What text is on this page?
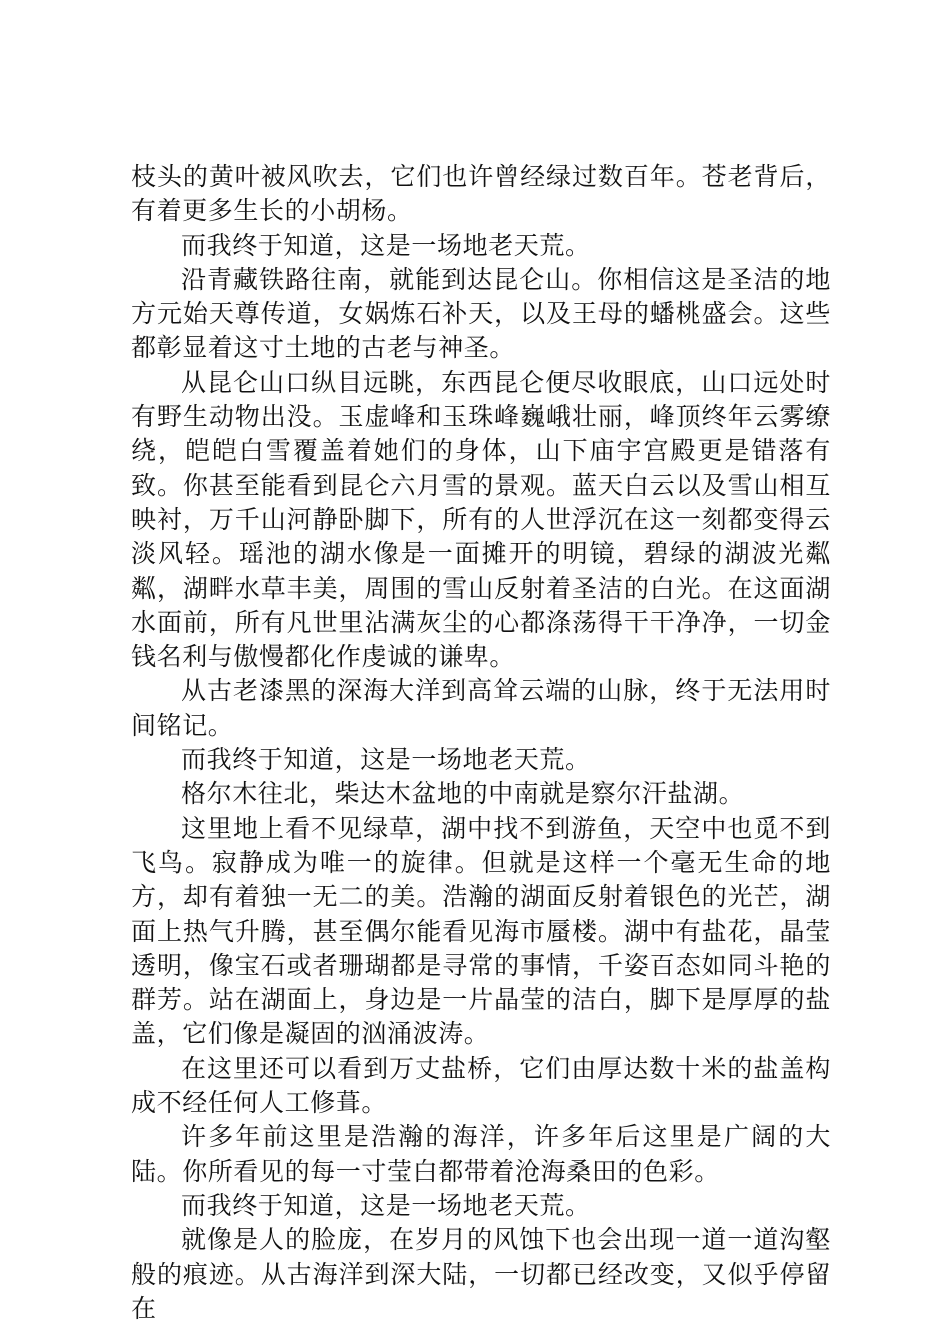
枝头的黄叶被风吹去，它们也许曾经绿过数百年。苍老背后，有着更多生长的小胡杨。

而我终于知道，这是一场地老天荒。

沿青藏铁路往南，就能到达昆仑山。你相信这是圣洁的地方元始天尊传道，女娲炼石补天，以及王母的蟠桃盛会。这些都彰显着这寸土地的古老与神圣。

从昆仑山口纵目远眺，东西昆仑便尽收眼底，山口远处时有野生动物出没。玉虚峰和玉珠峰巍峨壮丽，峰顶终年云雾缭绕，皑皑白雪覆盖着她们的身体，山下庙宇宫殿更是错落有致。你甚至能看到昆仑六月雪的景观。蓝天白云以及雪山相互映衬，万千山河静卧脚下，所有的人世浮沉在这一刻都变得云淡风轻。瑶池的湖水像是一面摊开的明镜，碧绿的湖波光粼粼，湖畔水草丰美，周围的雪山反射着圣洁的白光。在这面湖水面前，所有凡世里沾满灰尘的心都涤荡得干干净净，一切金钱名利与傲慢都化作虔诚的谦卑。

从古老漆黑的深海大洋到高耸云端的山脉，终于无法用时间铭记。

而我终于知道，这是一场地老天荒。

格尔木往北，柴达木盆地的中南就是察尔汗盐湖。

这里地上看不见绿草，湖中找不到游鱼，天空中也觅不到飞鸟。寂静成为唯一的旋律。但就是这样一个毫无生命的地方，却有着独一无二的美。浩瀚的湖面反射着银色的光芒，湖面上热气升腾，甚至偶尔能看见海市蜃楼。湖中有盐花，晶莹透明，像宝石或者珊瑚都是寻常的事情，千姿百态如同斗艳的群芳。站在湖面上，身边是一片晶莹的洁白，脚下是厚厚的盐盖，它们像是凝固的汹涌波涛。

在这里还可以看到万丈盐桥，它们由厚达数十米的盐盖构成不经任何人工修葺。

许多年前这里是浩瀚的海洋，许多年后这里是广阔的大陆。你所看见的每一寸莹白都带着沧海桑田的色彩。

而我终于知道，这是一场地老天荒。

就像是人的脸庞，在岁月的风蚀下也会出现一道一道沟壑般的痕迹。从古海洋到深大陆，一切都已经改变，又似乎停留在
